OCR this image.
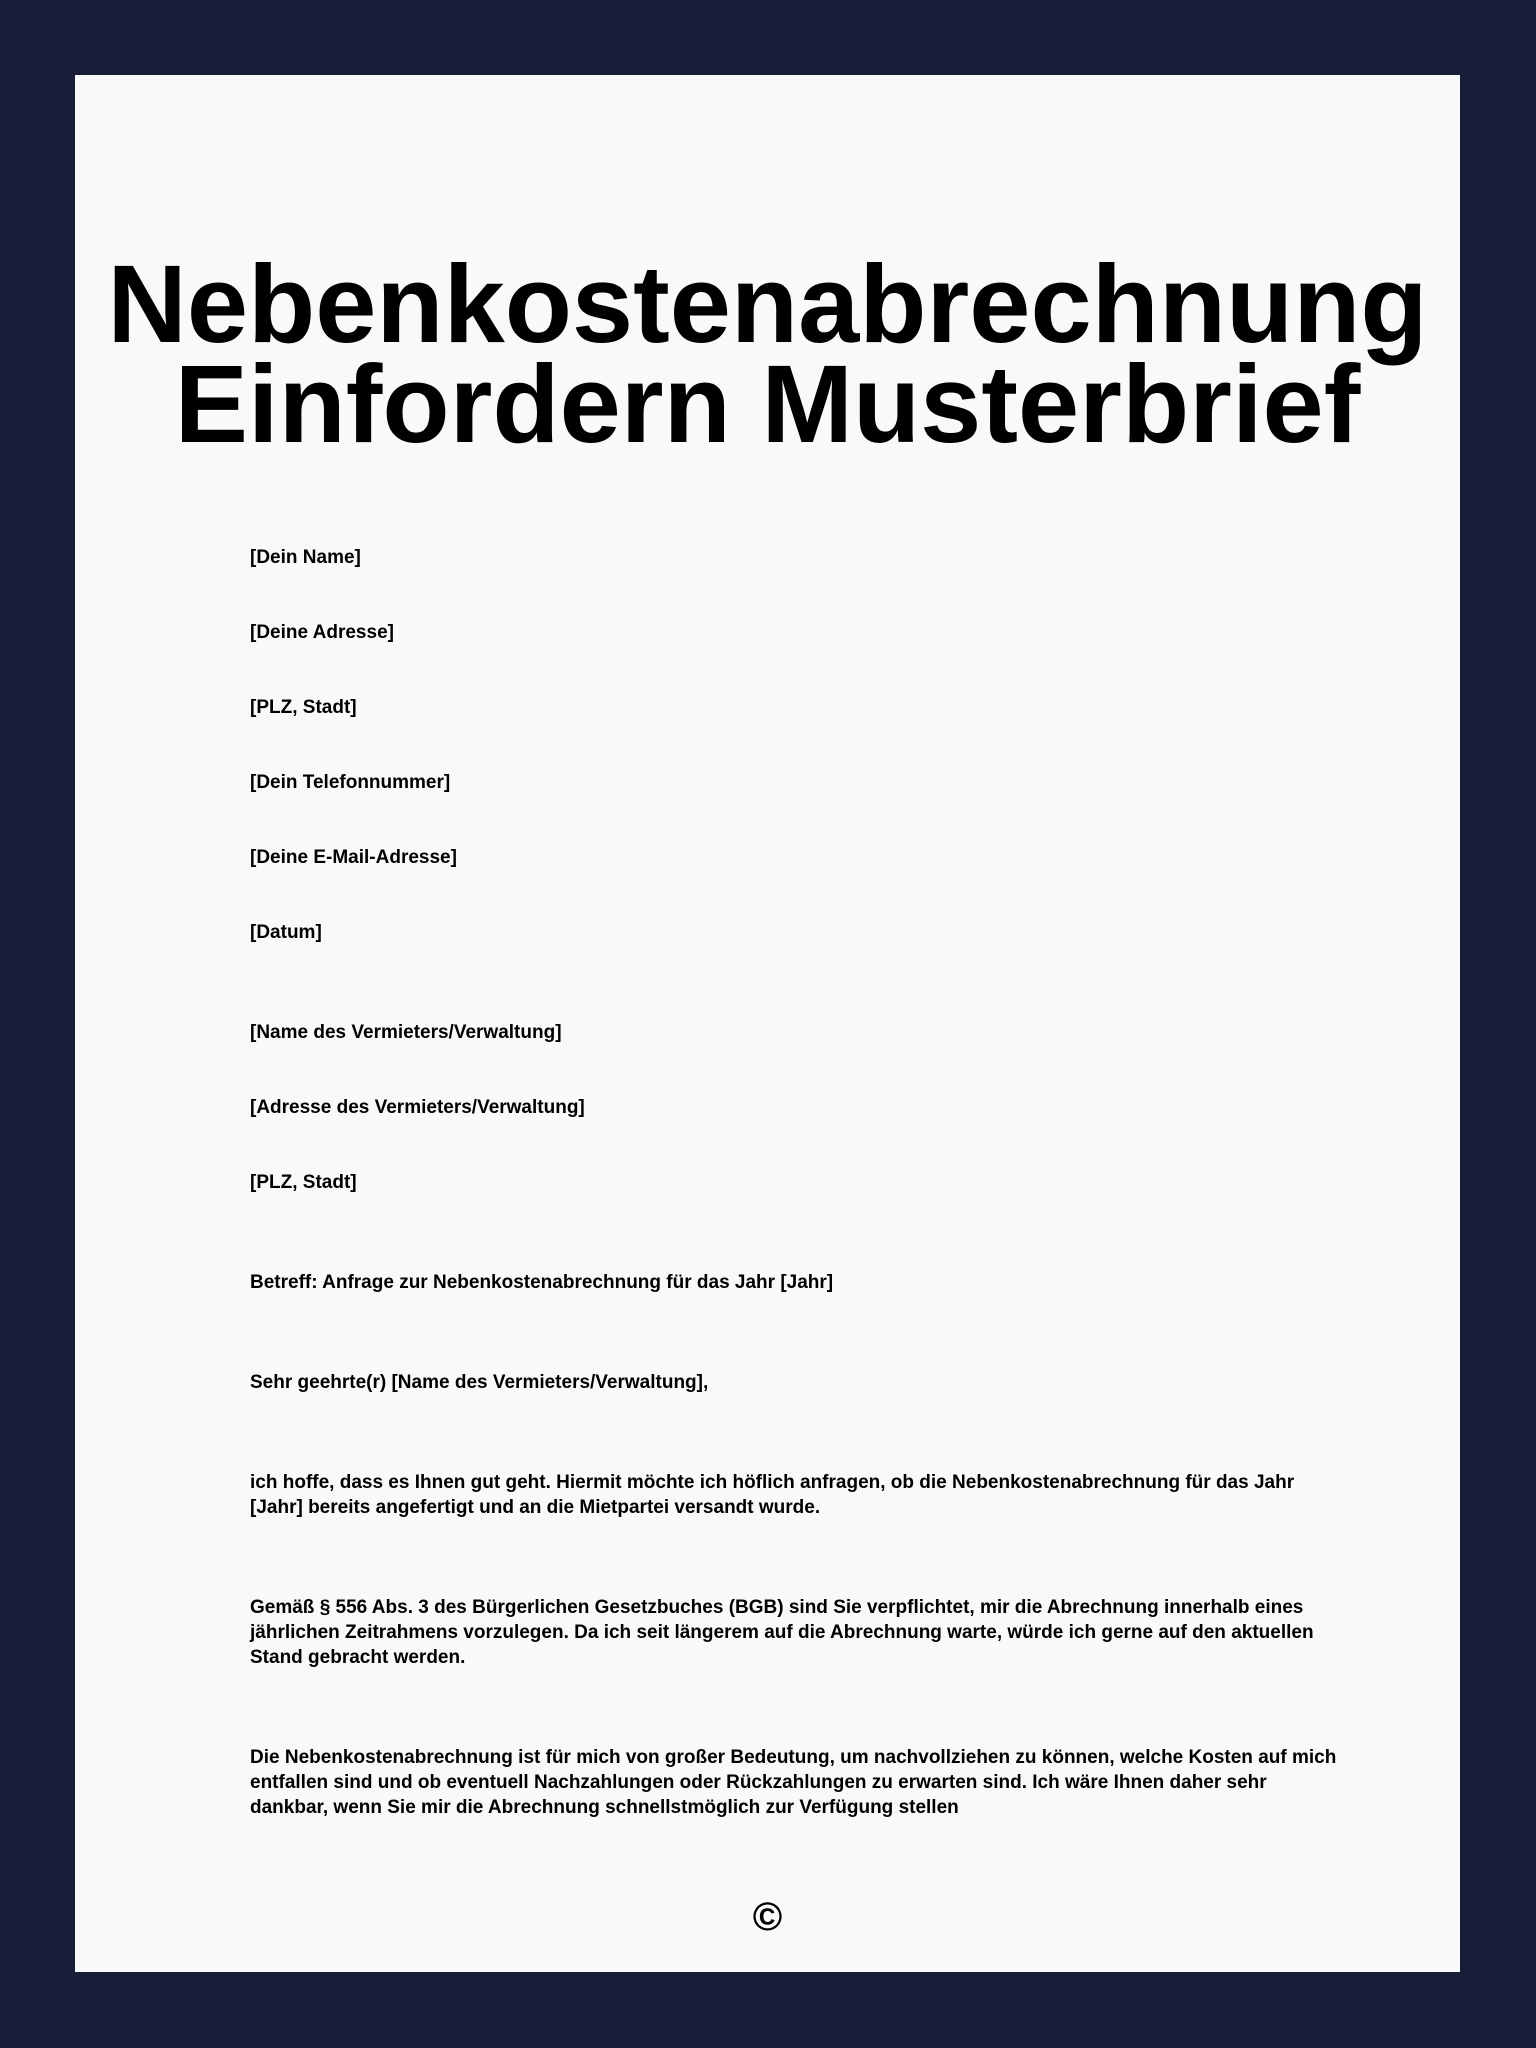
Nebenkostenabrechnung
Einfordern Musterbrief

[Dein Name]

[Deine Adresse]

[PLZ, Stadt]

[Dein Telefonnummer]

[Deine E-Mail-Adresse]

[Datum]

[Name des Vermieters/Verwaltung]

[Adresse des Vermieters/Verwaltung]

[PLZ, Stadt]

Betreff: Anfrage zur Nebenkostenabrechnung für das Jahr [Jahr]

Sehr geehrte(r) [Name des Vermieters/Verwaltung],

ich hoffe, dass es Ihnen gut geht. Hiermit möchte ich höflich anfragen, ob die Nebenkostenabrechnung für das Jahr [Jahr] bereits angefertigt und an die Mietpartei versandt wurde.

Gemäß § 556 Abs. 3 des Bürgerlichen Gesetzbuches (BGB) sind Sie verpflichtet, mir die Abrechnung innerhalb eines jährlichen Zeitrahmens vorzulegen. Da ich seit längerem auf die Abrechnung warte, würde ich gerne auf den aktuellen Stand gebracht werden.

Die Nebenkostenabrechnung ist für mich von großer Bedeutung, um nachvollziehen zu können, welche Kosten auf mich entfallen sind und ob eventuell Nachzahlungen oder Rückzahlungen zu erwarten sind. Ich wäre Ihnen daher sehr dankbar, wenn Sie mir die Abrechnung schnellstmöglich zur Verfügung stellen

©
